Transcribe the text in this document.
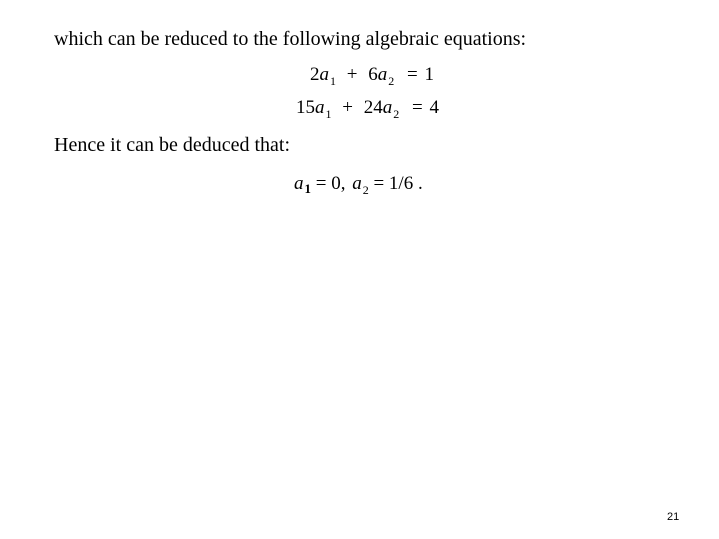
which can be reduced to the following algebraic equations:
2a1 + 6a2 = 1
15a1 + 24a2 = 4
Hence it can be deduced that:
a1 = 0, a2 = 1/6 .
21
